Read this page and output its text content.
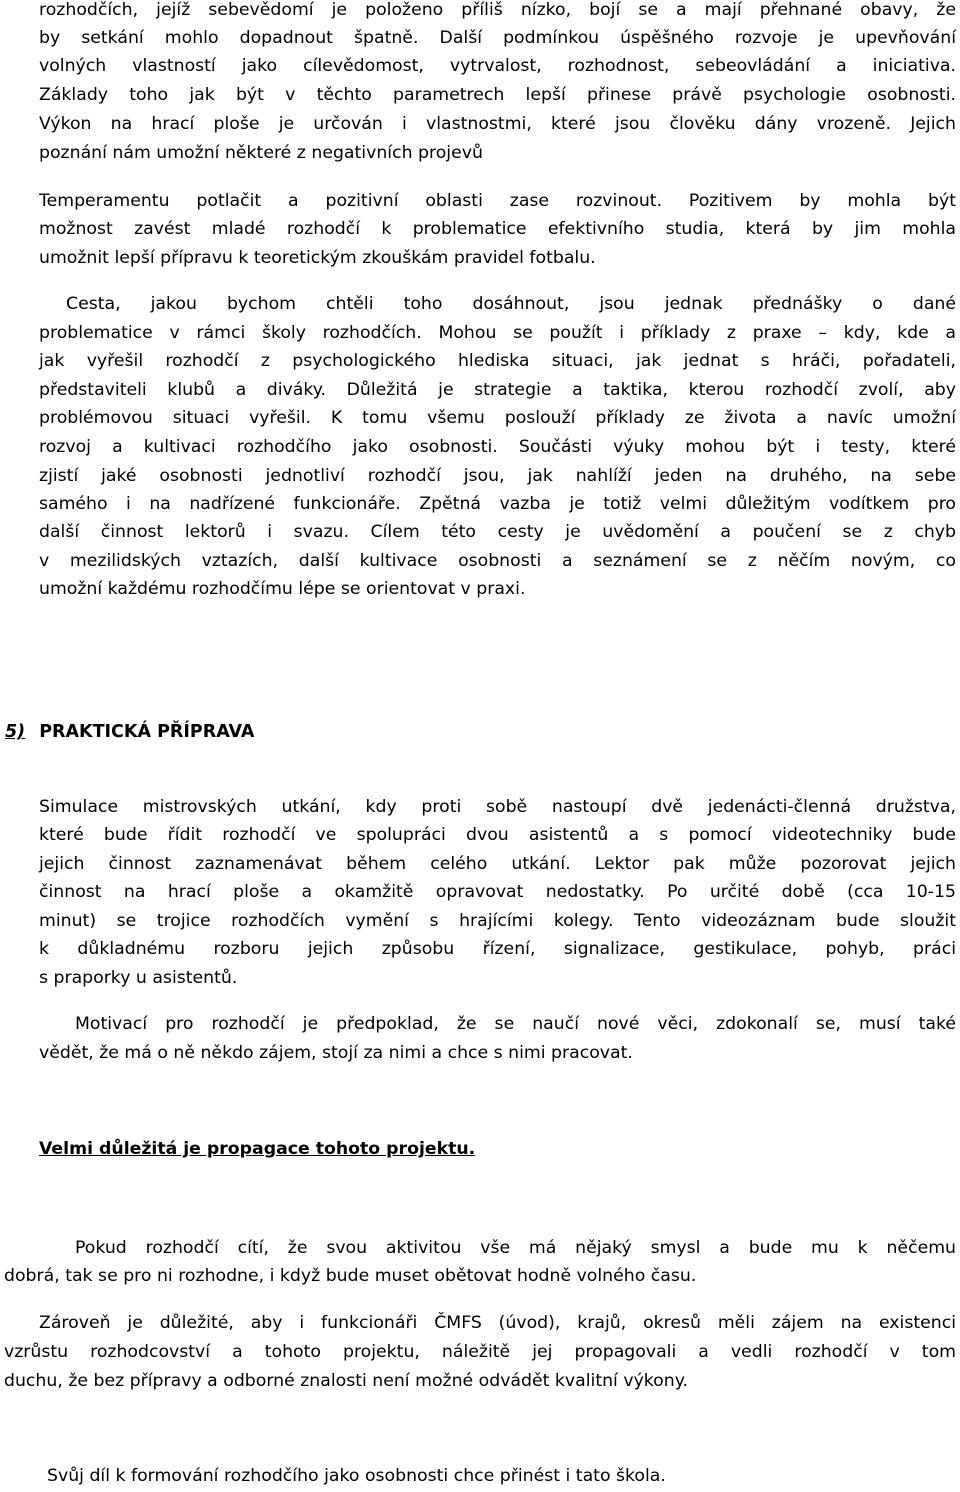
rozhodčích, jejíž sebevědomí je položeno příliš nízko, bojí se a mají přehnané obavy, že
by setkání mohlo dopadnout špatně. Další podmínkou úspěšného rozvoje je upevňování
volných vlastností jako cílevědomost, vytrvalost, rozhodnost, sebeovládání a iniciativa.
Základy toho jak být v těchto parametrech lepší přinese právě psychologie osobnosti.
Výkon na hrací ploše je určován i vlastnostmi, které jsou člověku dány vrozeně. Jejich
poznání nám umožní některé z negativních projevů
Temperamentu potlačit a pozitivní oblasti zase rozvinout. Pozitivem by mohla být
možnost zavést mladé rozhodčí k problematice efektivního studia, která by jim mohla
umožnit lepší přípravu k teoretickým zkouškám pravidel fotbalu.
Cesta, jakou bychom chtěli toho dosáhnout, jsou jednak přednášky o dané
problematice v rámci školy rozhodčích. Mohou se použít i příklady z praxe – kdy, kde a
jak vyřešil rozhodčí z psychologického hlediska situaci, jak jednat s hráči, pořadateli,
představiteli klubů a diváky. Důležitá je strategie a taktika, kterou rozhodčí zvolí, aby
problémovou situaci vyřešil. K tomu všemu poslouží příklady ze života a navíc umožní
rozvoj a kultivaci rozhodčího jako osobnosti. Součásti výuky mohou být i testy, které
zjistí jaké osobnosti jednotliví rozhodčí jsou, jak nahlíží jeden na druhého, na sebe
samého i na nadřízené funkcionáře. Zpětná vazba je totiž velmi důležitým vodítkem pro
další činnost lektorů i svazu. Cílem této cesty je uvědomění a poučení se z chyb
v mezilidských vztazích, další kultivace osobnosti a seznámení se z něčím novým, co
umožní každému rozhodčímu lépe se orientovat v praxi.
5) PRAKTICKÁ PŘÍPRAVA
Simulace mistrovských utkání, kdy proti sobě nastoupí dvě jedenácti-členná družstva,
které bude řídit rozhodčí ve spolupráci dvou asistentů a s pomocí videotechniky bude
jejich činnost zaznamenávat během celého utkání. Lektor pak může pozorovat jejich
činnost na hrací ploše a okamžitě opravovat nedostatky. Po určité době (cca 10-15
minut) se trojice rozhodčích vymění s hrajícími kolegy. Tento videozáznam bude sloužit
k důkladnému rozboru jejich způsobu řízení, signalizace, gestikulace, pohyb, práci
s praporky u asistentů.
Motivací pro rozhodčí je předpoklad, že se naučí nové věci, zdokonalí se, musí také
vědět, že má o ně někdo zájem, stojí za nimi a chce s nimi pracovat.
Velmi důležitá je propagace tohoto projektu.
Pokud rozhodčí cítí, že svou aktivitou vše má nějaký smysl a bude mu k něčemu
dobrá, tak se pro ni rozhodne, i když bude muset obětovat hodně volného času.
Zároveň je důležité, aby i funkcionáři ČMFS (úvod), krajů, okresů měli zájem na existenci
vzrůstu rozhodcovství a tohoto projektu, náležitě jej propagovali a vedli rozhodčí v tom
duchu, že bez přípravy a odborné znalosti není možné odvádět kvalitní výkony.
Svůj díl k formování rozhodčího jako osobnosti chce přinést i tato škola.
